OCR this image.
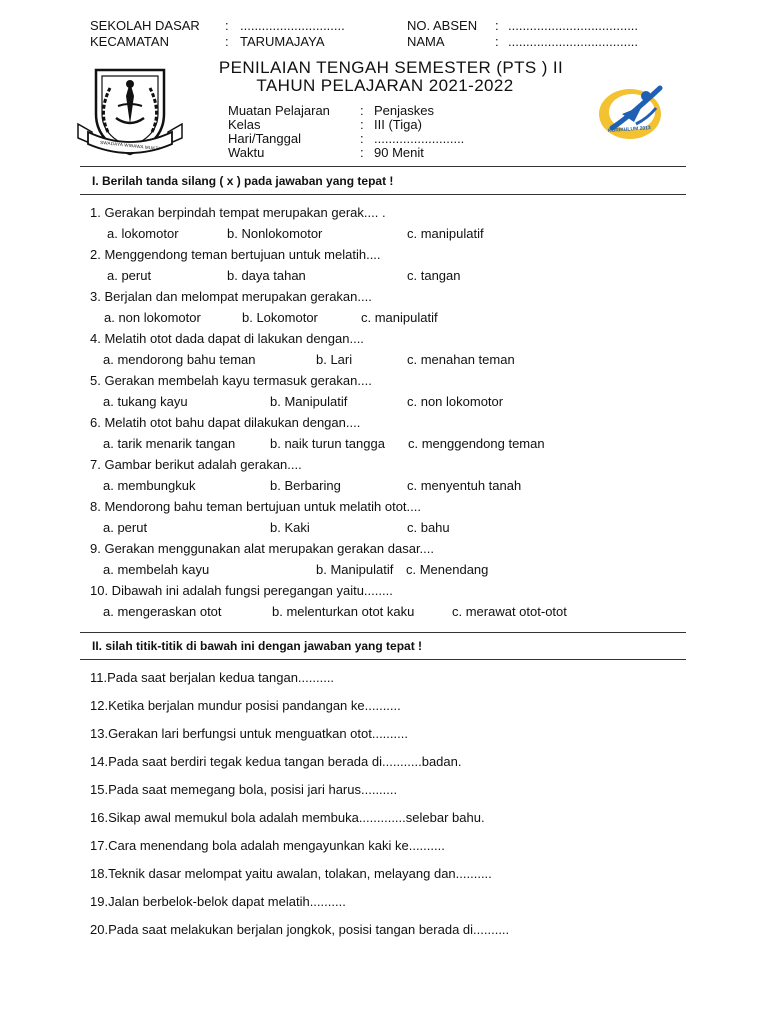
SEKOLAH DASAR : .............................
KECAMATAN	: TARUMAJAYA
NO. ABSEN : ....................................
NAMA	: ....................................
SWADAYA WIBAWA MUKTI
PENILAIAN TENGAH SEMESTER (PTS ) II
TAHUN PELAJARAN 2021-2022
KURIKULUM 2013
Muatan Pelajaran : Penjaskes
Kelas	: III (Tiga)
Hari/Tanggal	: .........................
Waktu	: 90 Menit
I. Berilah tanda silang ( x ) pada jawaban yang tepat !
1. Gerakan berpindah tempat merupakan gerak.... .
a. lokomotor	b. Nonlokomotor	c. manipulatif
2. Menggendong teman bertujuan untuk melatih....
a. perut	b. daya tahan	c. tangan
3. Berjalan dan melompat merupakan gerakan....
a. non lokomotor	b. Lokomotor	c. manipulatif
4. Melatih otot dada dapat di lakukan dengan....
a. mendorong bahu teman	b. Lari	c. menahan teman
5. Gerakan membelah kayu termasuk gerakan....
a. tukang kayu	b. Manipulatif	c. non lokomotor
6. Melatih otot bahu dapat dilakukan dengan....
a. tarik menarik tangan	b. naik turun tangga c. menggendong teman
7. Gambar berikut adalah gerakan....
a. membungkuk	b. Berbaring	c. menyentuh tanah
8. Mendorong bahu teman bertujuan untuk melatih otot....
a. perut	b. Kaki	c. bahu
9. Gerakan menggunakan alat merupakan gerakan dasar....
a. membelah kayu	b. Manipulatif c. Menendang
10. Dibawah ini adalah fungsi peregangan yaitu........
a. mengeraskan otot	b. melenturkan otot kaku	c. merawat otot-otot
II. silah titik-titik di bawah ini dengan jawaban yang tepat !
11.Pada saat berjalan kedua tangan..........
12.Ketika berjalan mundur posisi pandangan ke..........
13.Gerakan lari berfungsi untuk menguatkan otot..........
14.Pada saat berdiri tegak kedua tangan berada di...........badan.
15.Pada saat memegang bola, posisi jari harus..........
16.Sikap awal memukul bola adalah membuka.............selebar bahu.
17.Cara menendang bola adalah mengayunkan kaki ke..........
18.Teknik dasar melompat yaitu awalan, tolakan, melayang dan..........
19.Jalan berbelok-belok dapat melatih..........
20.Pada saat melakukan berjalan jongkok, posisi tangan berada di..........
